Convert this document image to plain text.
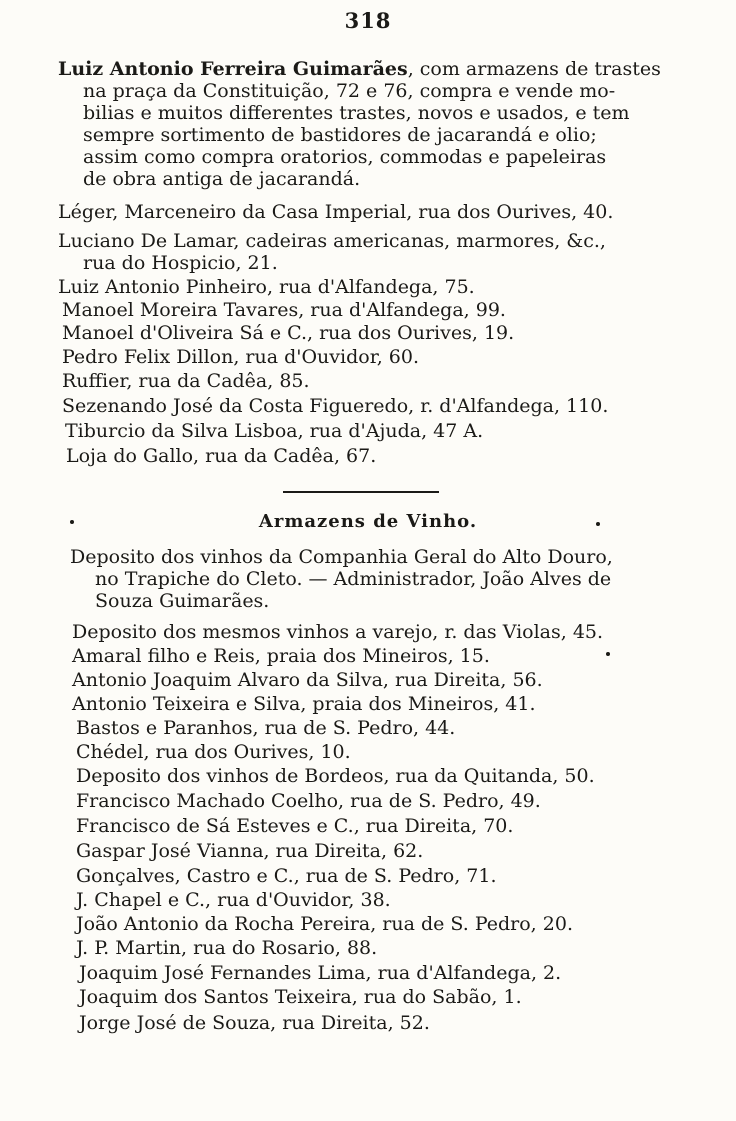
318
Luiz Antonio Ferreira Guimarães, com armazens de trastes
na praça da Constituição, 72 e 76, compra e vende mo-
bilias e muitos differentes trastes, novos e usados, e tem
sempre sortimento de bastidores de jacarandá e olio;
assim como compra oratorios, commodas e papeleiras
de obra antiga de jacarandá.
Léger, Marceneiro da Casa Imperial, rua dos Ourives, 40.
Luciano De Lamar, cadeiras americanas, marmores, &c.,
rua do Hospicio, 21.
Luiz Antonio Pinheiro, rua d'Alfandega, 75.
Manoel Moreira Tavares, rua d'Alfandega, 99.
Manoel d'Oliveira Sá e C., rua dos Ourives, 19.
Pedro Felix Dillon, rua d'Ouvidor, 60.
Ruffier, rua da Cadêa, 85.
Sezenando José da Costa Figueredo, r. d'Alfandega, 110.
Tiburcio da Silva Lisboa, rua d'Ajuda, 47 A.
Loja do Gallo, rua da Cadêa, 67.
Armazens de Vinho.
Deposito dos vinhos da Companhia Geral do Alto Douro,
no Trapiche do Cleto. — Administrador, João Alves de
Souza Guimarães.
Deposito dos mesmos vinhos a varejo, r. das Violas, 45.
Amaral filho e Reis, praia dos Mineiros, 15.
Antonio Joaquim Alvaro da Silva, rua Direita, 56.
Antonio Teixeira e Silva, praia dos Mineiros, 41.
Bastos e Paranhos, rua de S. Pedro, 44.
Chédel, rua dos Ourives, 10.
Deposito dos vinhos de Bordeos, rua da Quitanda, 50.
Francisco Machado Coelho, rua de S. Pedro, 49.
Francisco de Sá Esteves e C., rua Direita, 70.
Gaspar José Vianna, rua Direita, 62.
Gonçalves, Castro e C., rua de S. Pedro, 71.
J. Chapel e C., rua d'Ouvidor, 38.
João Antonio da Rocha Pereira, rua de S. Pedro, 20.
J. P. Martin, rua do Rosario, 88.
Joaquim José Fernandes Lima, rua d'Alfandega, 2.
Joaquim dos Santos Teixeira, rua do Sabão, 1.
Jorge José de Souza, rua Direita, 52.
